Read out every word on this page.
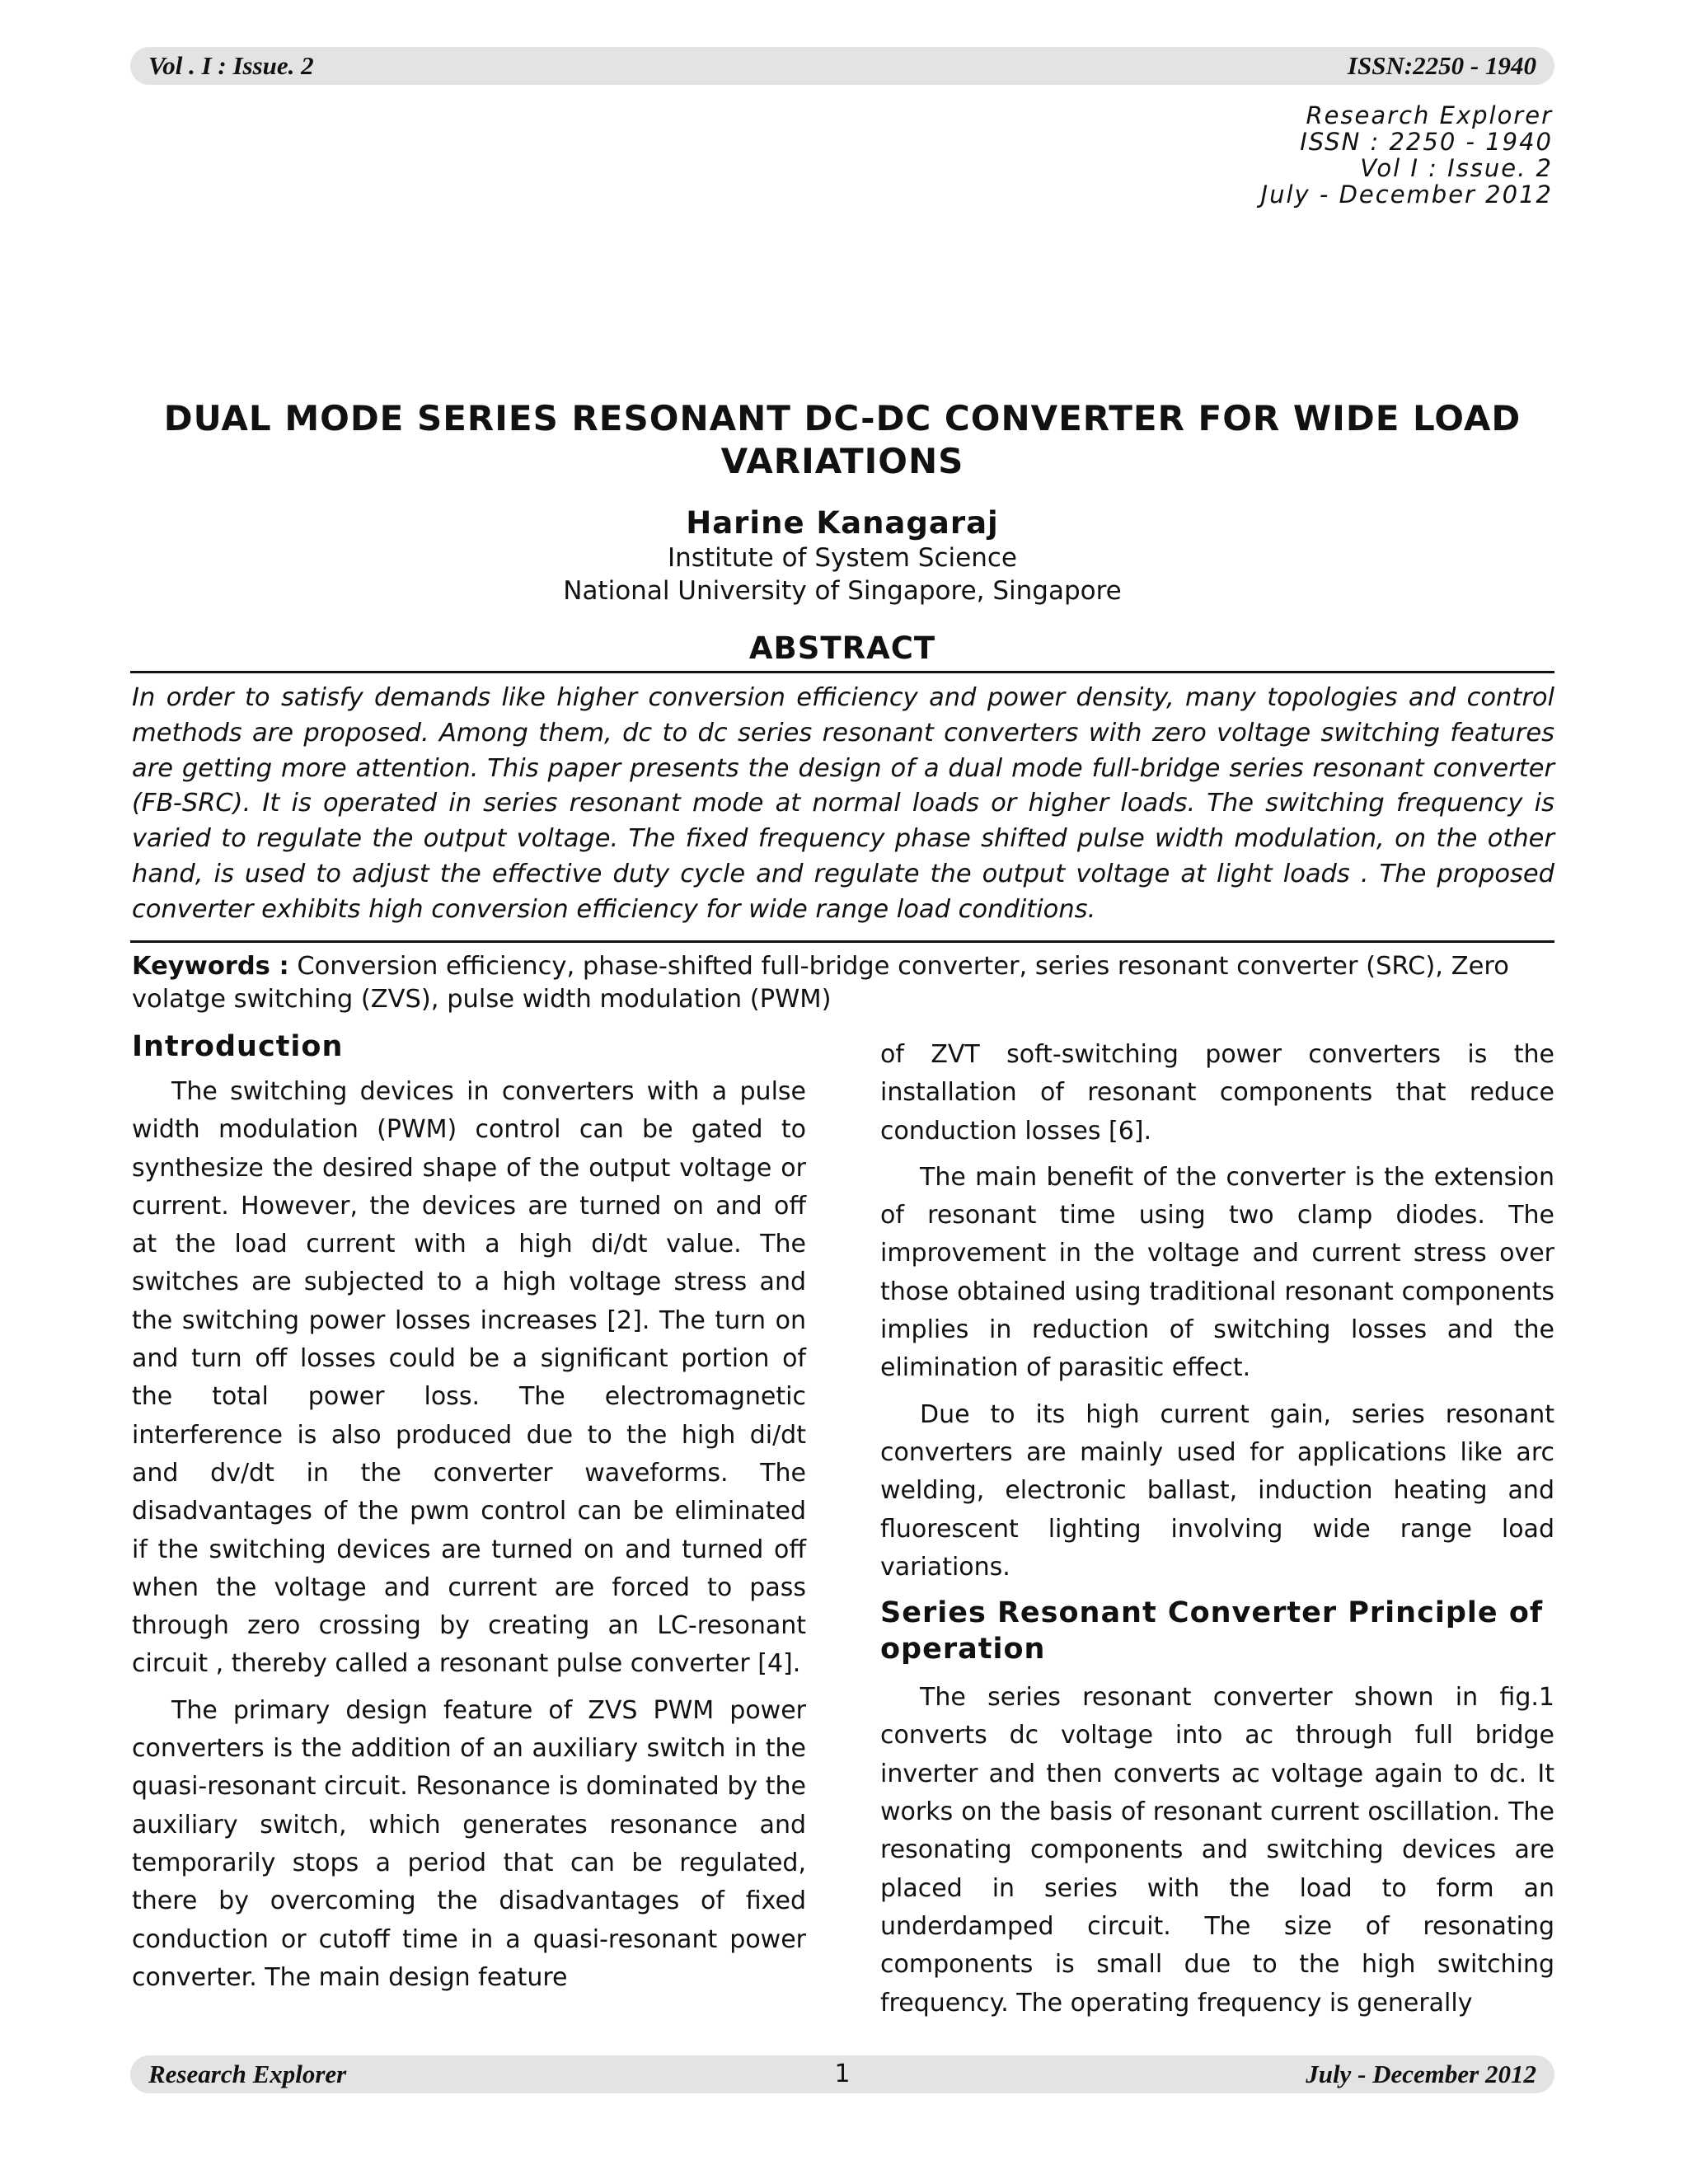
Vol . I : Issue. 2	ISSN:2250 - 1940
Research Explorer
ISSN : 2250 - 1940
Vol I : Issue. 2
July - December 2012
DUAL MODE SERIES RESONANT DC-DC CONVERTER FOR WIDE LOAD VARIATIONS
Harine Kanagaraj
Institute of System Science
National University of Singapore, Singapore
ABSTRACT
In order to satisfy demands like higher conversion efficiency and power density, many topologies and control methods are proposed. Among them, dc to dc series resonant converters with zero voltage switching features are getting more attention. This paper presents the design of a dual mode full-bridge series resonant converter (FB-SRC). It is operated in series resonant mode at normal loads or higher loads. The switching frequency is varied to regulate the output voltage. The fixed frequency phase shifted pulse width modulation, on the other hand, is used to adjust the effective duty cycle and regulate the output voltage at light loads . The proposed converter exhibits high conversion efficiency for wide range load conditions.
Keywords : Conversion efficiency, phase-shifted full-bridge converter, series resonant converter (SRC), Zero volatge switching (ZVS), pulse width modulation (PWM)
Introduction

The switching devices in converters with a pulse width modulation (PWM) control can be gated to synthesize the desired shape of the output voltage or current. However, the devices are turned on and off at the load current with a high di/dt value. The switches are subjected to a high voltage stress and the switching power losses increases [2]. The turn on and turn off losses could be a significant portion of the total power loss. The electromagnetic interference is also produced due to the high di/dt and dv/dt in the converter waveforms. The disadvantages of the pwm control can be eliminated if the switching devices are turned on and turned off when the voltage and current are forced to pass through zero crossing by creating an LC-resonant circuit , thereby called a resonant pulse converter [4].

The primary design feature of ZVS PWM power converters is the addition of an auxiliary switch in the quasi-resonant circuit. Resonance is dominated by the auxiliary switch, which generates resonance and temporarily stops a period that can be regulated, there by overcoming the disadvantages of fixed conduction or cutoff time in a quasi-resonant power converter. The main design feature

of ZVT soft-switching power converters is the installation of resonant components that reduce conduction losses [6].

The main benefit of the converter is the extension of resonant time using two clamp diodes. The improvement in the voltage and current stress over those obtained using traditional resonant components implies in reduction of switching losses and the elimination of parasitic effect.

Due to its high current gain, series resonant converters are mainly used for applications like arc welding, electronic ballast, induction heating and fluorescent lighting involving wide range load variations.

Series Resonant Converter Principle of operation

The series resonant converter shown in fig.1 converts dc voltage into ac through full bridge inverter and then converts ac voltage again to dc. It works on the basis of resonant current oscillation. The resonating components and switching devices are placed in series with the load to form an underdamped circuit. The size of resonating components is small due to the high switching frequency. The operating frequency is generally

Research Explorer	1	July - December 2012
